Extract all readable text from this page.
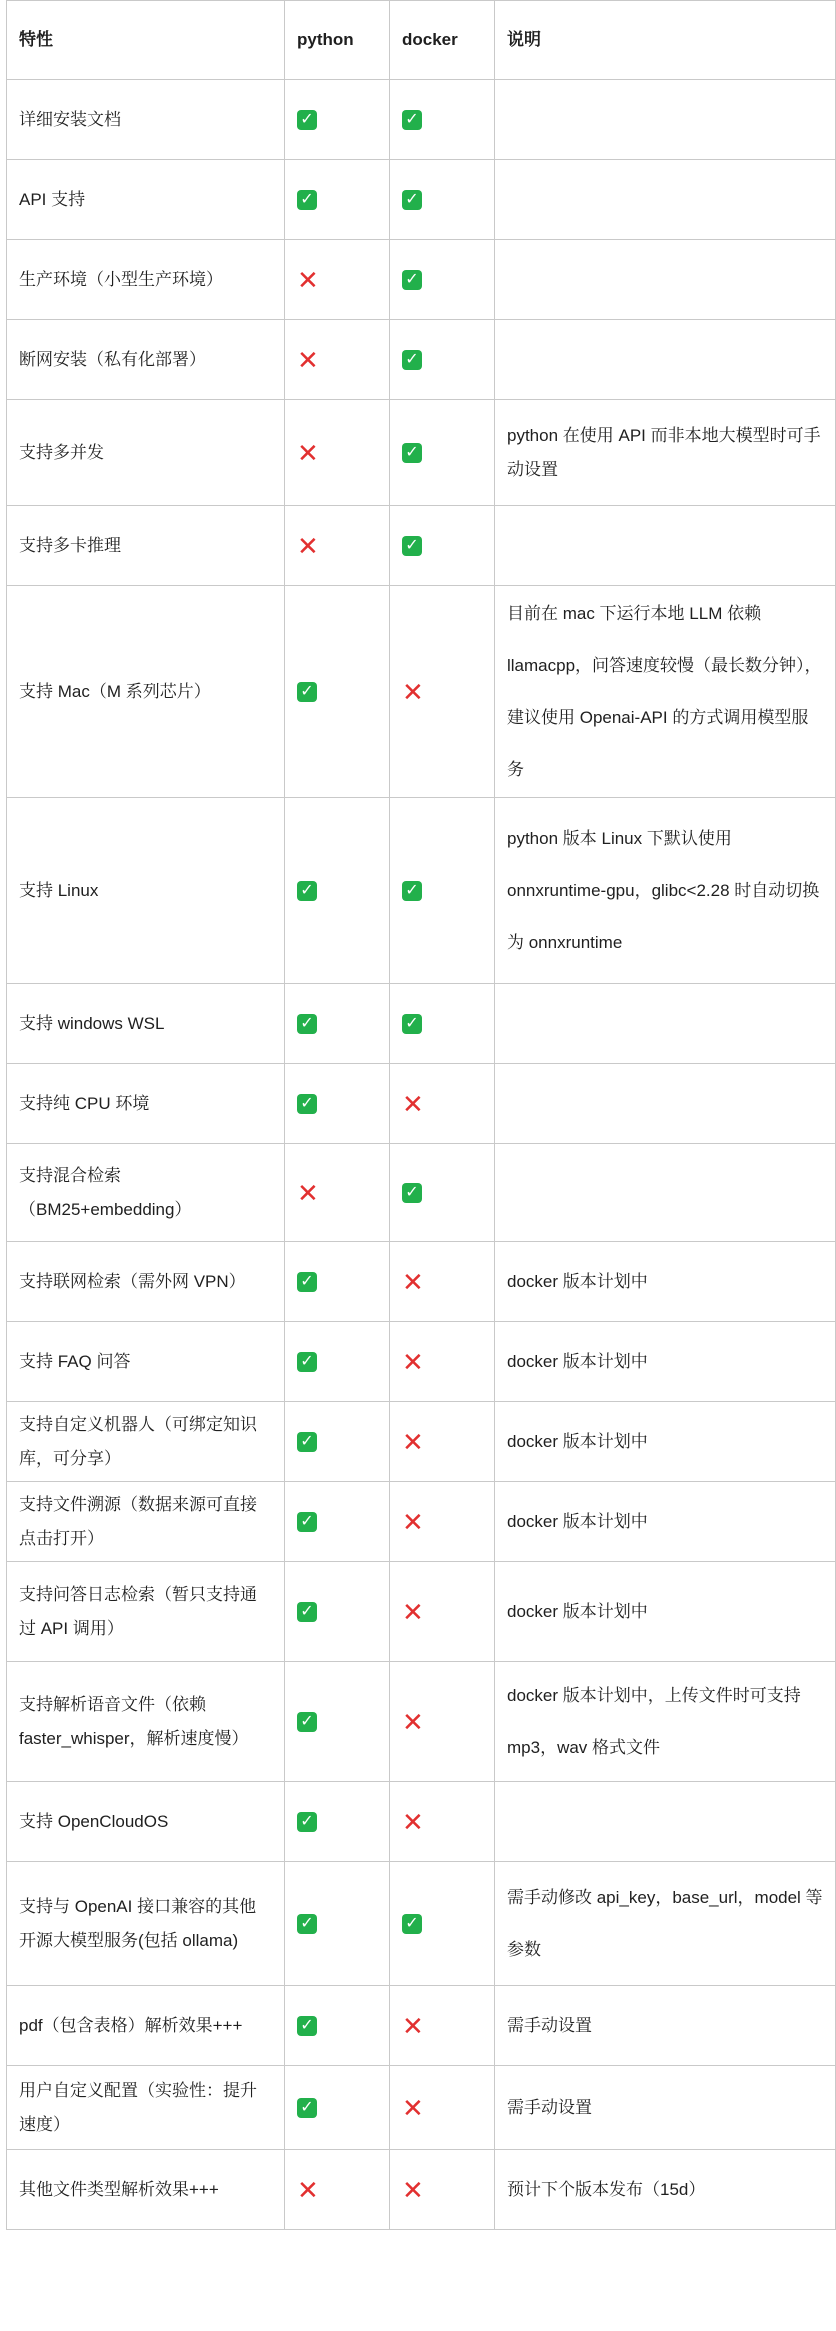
特性	python	docker	说明
详细安装文档	✓	✓	
API 支持	✓	✓	
生产环境（小型生产环境）	✕	✓	
断网安装（私有化部署）	✕	✓	
支持多并发	✕	✓	python 在使用 API 而非本地大模型时可手动设置
支持多卡推理	✕	✓	
支持 Mac（M 系列芯片）	✓	✕	目前在 mac 下运行本地 LLM 依赖 llamacpp，问答速度较慢（最长数分钟），建议使用 Openai-API 的方式调用模型服务
支持 Linux	✓	✓	python 版本 Linux 下默认使用 onnxruntime-gpu，glibc<2.28 时自动切换为 onnxruntime
支持 windows WSL	✓	✓	
支持纯 CPU 环境	✓	✕	
支持混合检索（BM25+embedding）	✕	✓	
支持联网检索（需外网 VPN）	✓	✕	docker 版本计划中
支持 FAQ 问答	✓	✕	docker 版本计划中
支持自定义机器人（可绑定知识库，可分享）	✓	✕	docker 版本计划中
支持文件溯源（数据来源可直接点击打开）	✓	✕	docker 版本计划中
支持问答日志检索（暂只支持通过 API 调用）	✓	✕	docker 版本计划中
支持解析语音文件（依赖 faster_whisper，解析速度慢）	✓	✕	docker 版本计划中，上传文件时可支持 mp3，wav 格式文件
支持 OpenCloudOS	✓	✕	
支持与 OpenAI 接口兼容的其他开源大模型服务(包括 ollama)	✓	✓	需手动修改 api_key，base_url，model 等参数
pdf（包含表格）解析效果+++	✓	✕	需手动设置
用户自定义配置（实验性：提升速度）	✓	✕	需手动设置
其他文件类型解析效果+++	✕	✕	预计下个版本发布（15d）
